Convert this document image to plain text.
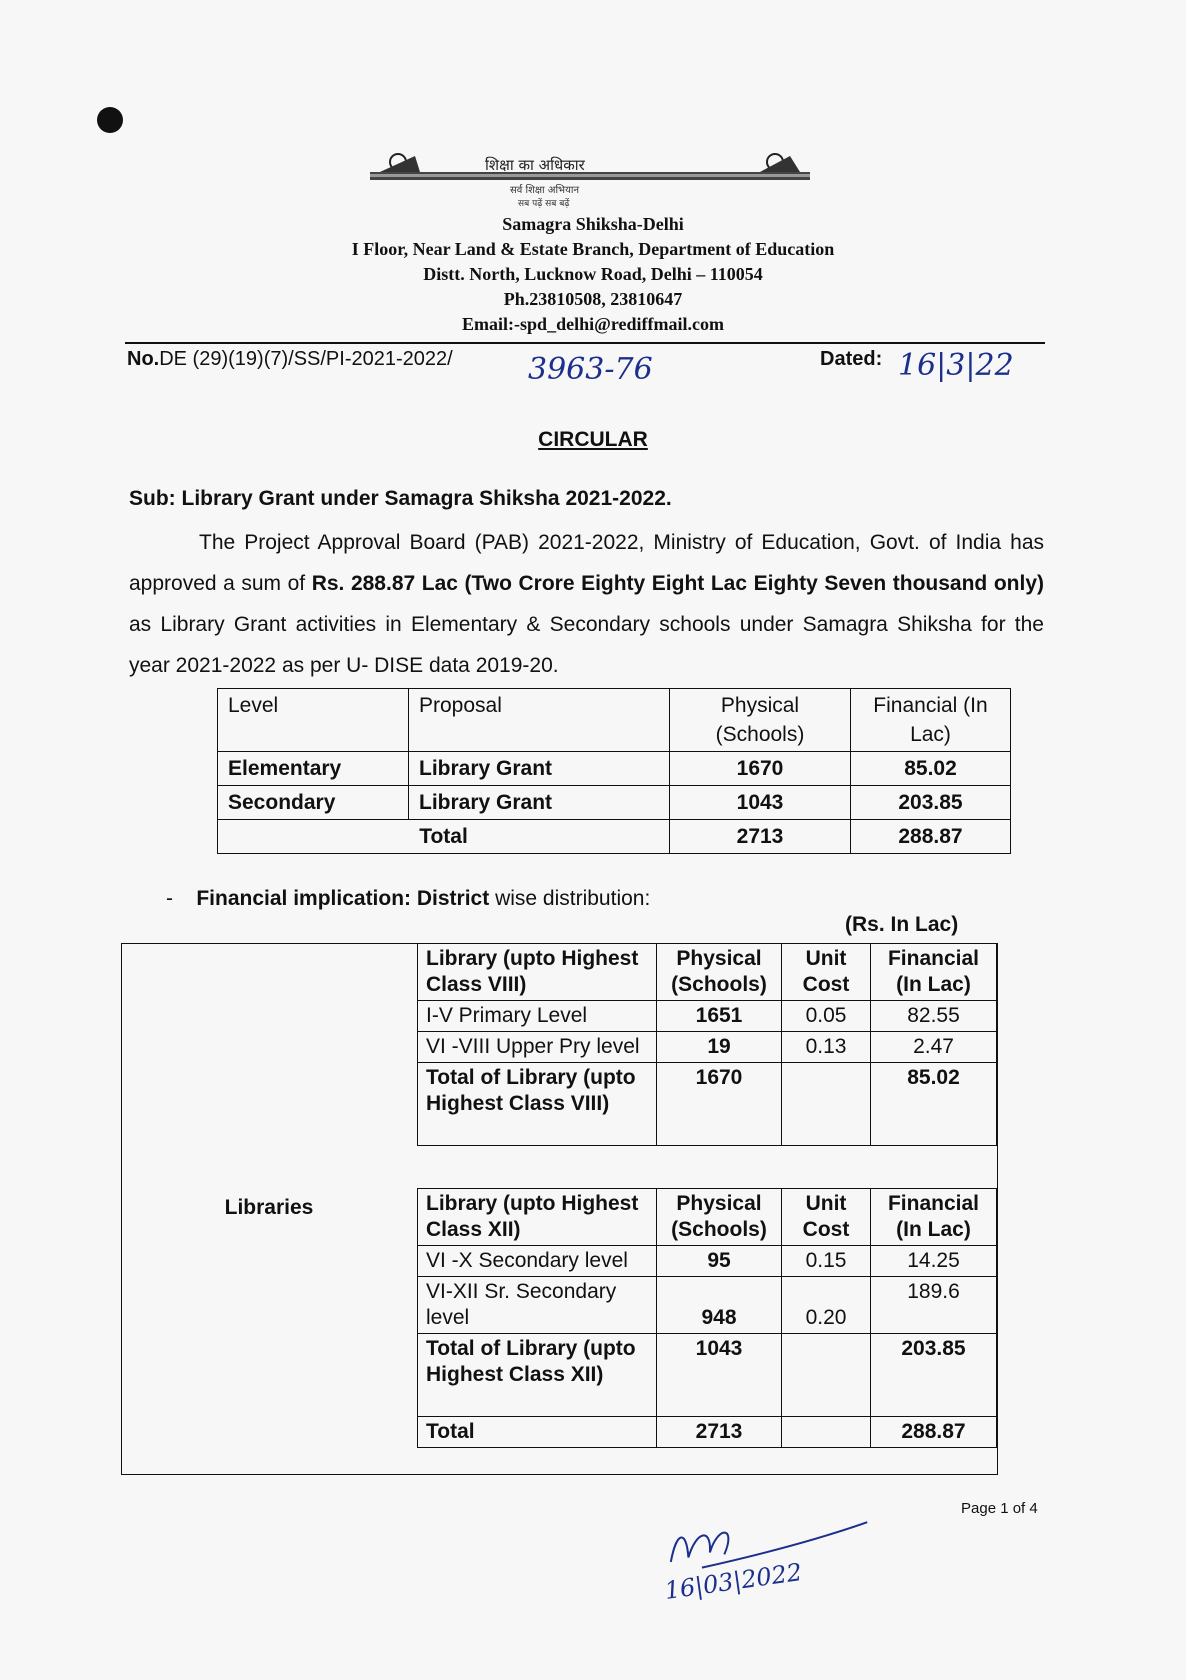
शिक्षा का अधिकार
सर्व शिक्षा अभियान
सब पढ़ें सब बढ़ें
Samagra Shiksha-Delhi
I Floor, Near Land & Estate Branch, Department of Education
Distt. North, Lucknow Road, Delhi – 110054
Ph.23810508, 23810647
Email:-spd_delhi@rediffmail.com
No.DE (29)(19)(7)/SS/PI-2021-2022/	3963-76	Dated: 16|3|22
CIRCULAR
Sub: Library Grant under Samagra Shiksha 2021-2022.
The Project Approval Board (PAB) 2021-2022, Ministry of Education, Govt. of India has approved a sum of Rs. 288.87 Lac (Two Crore Eighty Eight Lac Eighty Seven thousand only) as Library Grant activities in Elementary & Secondary schools under Samagra Shiksha for the year 2021-2022 as per U- DISE data 2019-20.
Level	Proposal	Physical (Schools)	Financial (In Lac)
Elementary	Library Grant	1670	85.02
Secondary	Library Grant	1043	203.85
Total		2713	288.87
- Financial implication: District wise distribution:
(Rs. In Lac)
Libraries
Library (upto Highest Class VIII)	Physical (Schools)	Unit Cost	Financial (In Lac)
I-V Primary Level	1651	0.05	82.55
VI -VIII Upper Pry level	19	0.13	2.47
Total of Library (upto Highest Class VIII)	1670		85.02
Library (upto Highest Class XII)	Physical (Schools)	Unit Cost	Financial (In Lac)
VI -X Secondary level	95	0.15	14.25
VI-XII Sr. Secondary level	948	0.20	189.6
Total of Library (upto Highest Class XII)	1043		203.85
Total	2713		288.87
16|03|2022
Page 1 of 4
